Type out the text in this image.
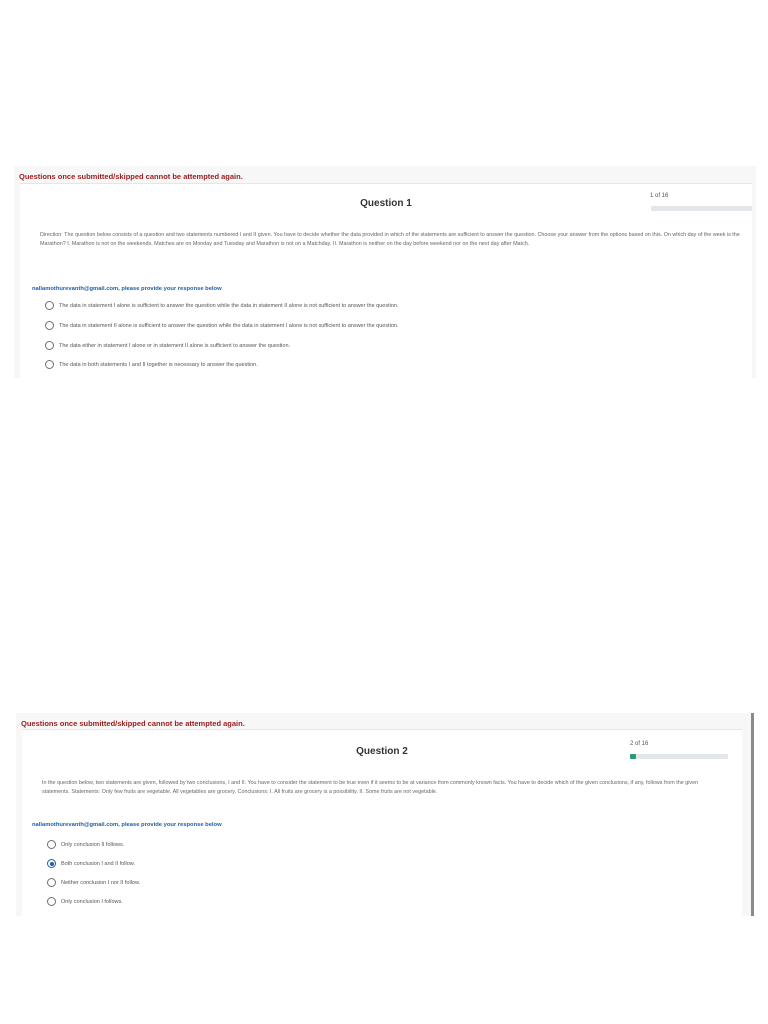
Questions once submitted/skipped cannot be attempted again.
Question 1
1 of 16
Direction: The question below consists of a question and two statements numbered I and II given. You have to decide whether the data provided in which of the statements are sufficient to answer the question. Choose your answer from the options based on this. On which day of the week is the Marathon? I. Marathon is not on the weekends. Matches are on Monday and Tuesday and Marathon is not on a Matchday. II. Marathon is neither on the day before weekend nor on the next day after Match.
nallamothurevanth@gmail.com, please provide your response below
The data in statement I alone is sufficient to answer the question while the data in statement II alone is not sufficient to answer the question.
The data in statement II alone is sufficient to answer the question while the data in statement I alone is not sufficient to answer the question.
The data either in statement I alone or in statement II alone is sufficient to answer the question.
The data in both statements I and II together is necessary to answer the question.
Questions once submitted/skipped cannot be attempted again.
Question 2
2 of 16
In the question below, two statements are given, followed by two conclusions, I and II. You have to consider the statement to be true even if it seems to be at variance from commonly known facts. You have to decide which of the given conclusions, if any, follows from the given statements. Statements: Only few fruits are vegetable. All vegetables are grocery. Conclusions: I. All fruits are grocery is a possibility. II. Some fruits are not vegetable.
nallamothurevanth@gmail.com, please provide your response below
Only conclusion II follows.
Both conclusion I and II follow.
Neither conclusion I nor II follow.
Only conclusion I follows.
